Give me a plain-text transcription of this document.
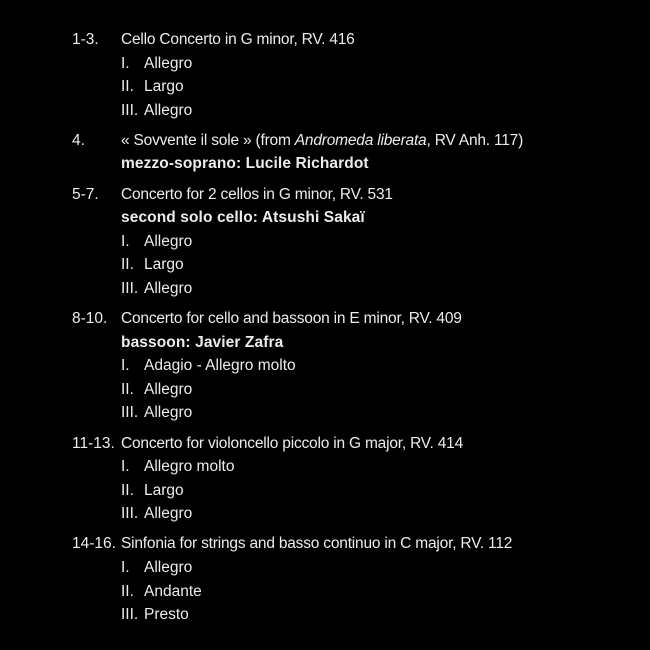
1-3. Cello Concerto in G minor, RV. 416
I. Allegro
II. Largo
III. Allegro
4. « Sovvente il sole » (from Andromeda liberata, RV Anh. 117)
mezzo-soprano: Lucile Richardot
5-7. Concerto for 2 cellos in G minor, RV. 531
second solo cello: Atsushi Sakaï
I. Allegro
II. Largo
III. Allegro
8-10. Concerto for cello and bassoon in E minor, RV. 409
bassoon: Javier Zafra
I. Adagio - Allegro molto
II. Allegro
III. Allegro
11-13. Concerto for violoncello piccolo in G major, RV. 414
I. Allegro molto
II. Largo
III. Allegro
14-16. Sinfonia for strings and basso continuo in C major, RV. 112
I. Allegro
II. Andante
III. Presto
